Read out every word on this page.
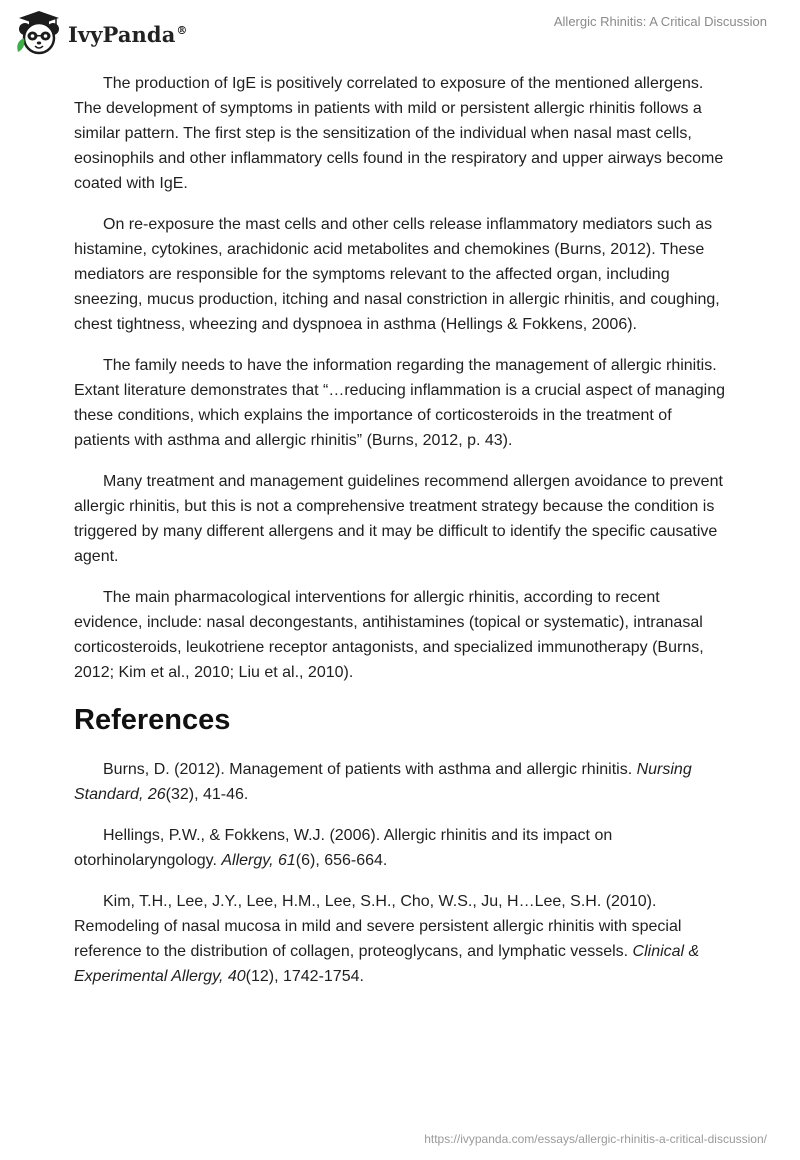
IvyPanda®
Allergic Rhinitis: A Critical Discussion

The production of IgE is positively correlated to exposure of the mentioned allergens. The development of symptoms in patients with mild or persistent allergic rhinitis follows a similar pattern. The first step is the sensitization of the individual when nasal mast cells, eosinophils and other inflammatory cells found in the respiratory and upper airways become coated with IgE.

On re-exposure the mast cells and other cells release inflammatory mediators such as histamine, cytokines, arachidonic acid metabolites and chemokines (Burns, 2012). These mediators are responsible for the symptoms relevant to the affected organ, including sneezing, mucus production, itching and nasal constriction in allergic rhinitis, and coughing, chest tightness, wheezing and dyspnoea in asthma (Hellings & Fokkens, 2006).

The family needs to have the information regarding the management of allergic rhinitis. Extant literature demonstrates that “…reducing inflammation is a crucial aspect of managing these conditions, which explains the importance of corticosteroids in the treatment of patients with asthma and allergic rhinitis” (Burns, 2012, p. 43).

Many treatment and management guidelines recommend allergen avoidance to prevent allergic rhinitis, but this is not a comprehensive treatment strategy because the condition is triggered by many different allergens and it may be difficult to identify the specific causative agent.

The main pharmacological interventions for allergic rhinitis, according to recent evidence, include: nasal decongestants, antihistamines (topical or systematic), intranasal corticosteroids, leukotriene receptor antagonists, and specialized immunotherapy (Burns, 2012; Kim et al., 2010; Liu et al., 2010).

References

Burns, D. (2012). Management of patients with asthma and allergic rhinitis. Nursing Standard, 26(32), 41-46.

Hellings, P.W., & Fokkens, W.J. (2006). Allergic rhinitis and its impact on otorhinolaryngology. Allergy, 61(6), 656-664.

Kim, T.H., Lee, J.Y., Lee, H.M., Lee, S.H., Cho, W.S., Ju, H…Lee, S.H. (2010). Remodeling of nasal mucosa in mild and severe persistent allergic rhinitis with special reference to the distribution of collagen, proteoglycans, and lymphatic vessels. Clinical & Experimental Allergy, 40(12), 1742-1754.

https://ivypanda.com/essays/allergic-rhinitis-a-critical-discussion/
